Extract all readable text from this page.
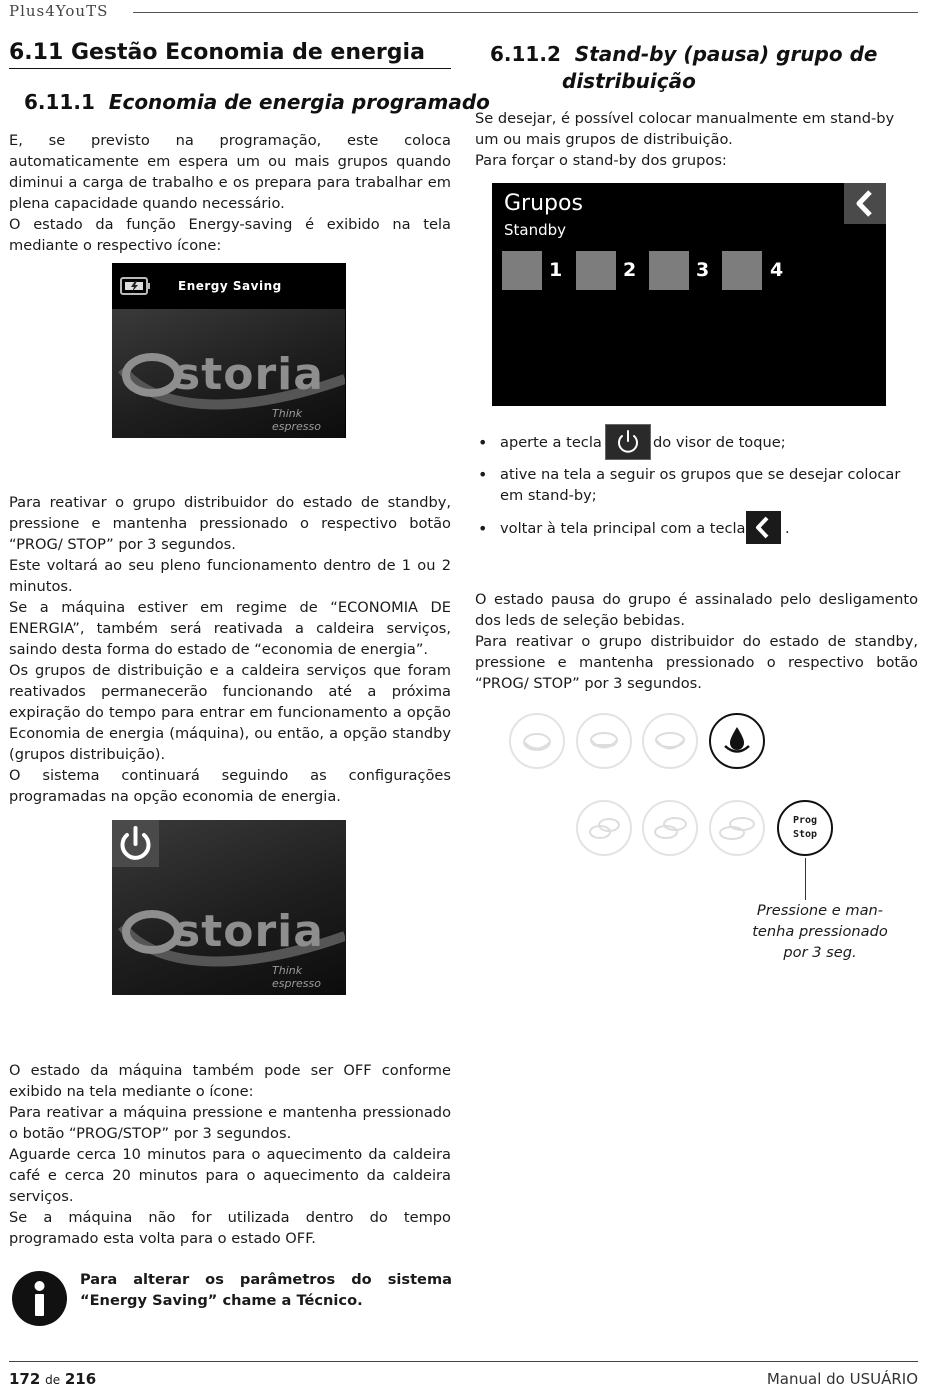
Plus4YouTS
6.11 Gestão Economia de energia
6.11.1 Economia de energia programado

E, se previsto na programação, este coloca automaticamente em espera um ou mais grupos quando diminui a carga de trabalho e os prepara para trabalhar em plena capacidade quando necessário.

O estado da função Energy-saving é exibido na tela mediante o respectivo ícone:

Energy Saving
storia
Think espresso

Para reativar o grupo distribuidor do estado de standby, pressione e mantenha pressionado o respectivo botão “PROG/ STOP” por 3 segundos.

Este voltará ao seu pleno funcionamento dentro de 1 ou 2 minutos.

Se a máquina estiver em regime de “ECONOMIA DE ENERGIA”, também será reativada a caldeira serviços, saindo desta forma do estado de “economia de energia”.

Os grupos de distribuição e a caldeira serviços que foram reativados permanecerão funcionando até a próxima expiração do tempo para entrar em funcionamento a opção Economia de energia (máquina), ou então, a opção standby (grupos distribuição).

O sistema continuará seguindo as configurações programadas na opção economia de energia.

storia
Think espresso

O estado da máquina também pode ser OFF conforme exibido na tela mediante o ícone:

Para reativar a máquina pressione e mantenha pressionado o botão “PROG/STOP” por 3 segundos.

Aguarde cerca 10 minutos para o aquecimento da caldeira café e cerca 20 minutos para o aquecimento da caldeira serviços.

Se a máquina não for utilizada dentro do tempo programado esta volta para o estado OFF.

Para alterar os parâmetros do sistema “Energy Saving” chame a Técnico.
6.11.2 Stand-by (pausa) grupo de
distribuição

Se desejar, é possível colocar manualmente em stand-by um ou mais grupos de distribuição.

Para forçar o stand-by dos grupos:

Grupos
Standby
1	2	3	4
• aperte a tecla	do visor de toque;
• ative na tela a seguir os grupos que se desejar colocar em stand-by;
• voltar à tela principal com a tecla	.

O estado pausa do grupo é assinalado pelo desligamento dos leds de seleção bebidas.

Para reativar o grupo distribuidor do estado de standby, pressione e mantenha pressionado o respectivo botão “PROG/ STOP” por 3 segundos.

Prog
Stop
Pressione e man-
tenha pressionado
por 3 seg.
172 de 216	Manual do USUÁRIO
